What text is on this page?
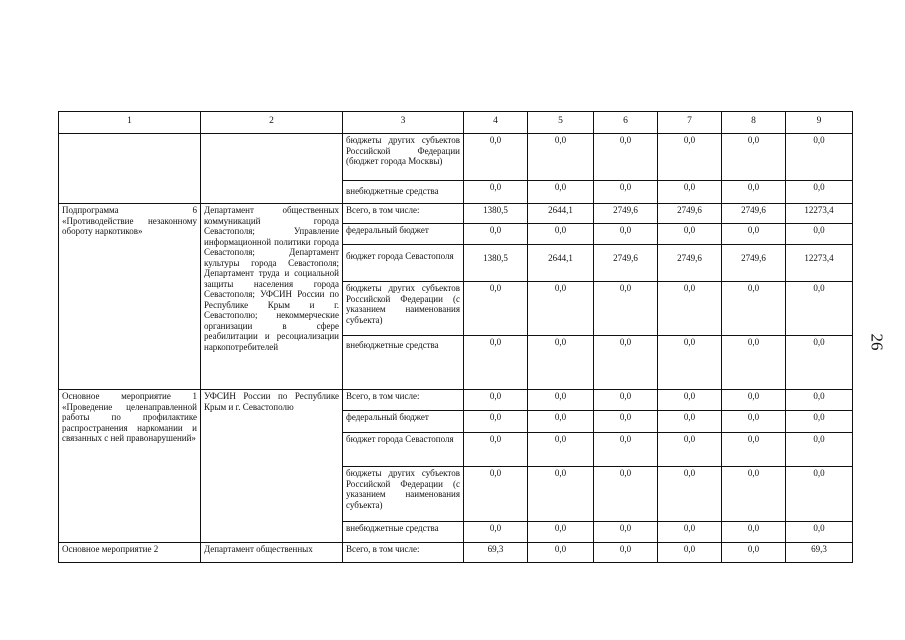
26
1	2	3	4	5	6	7	8	9
		бюджеты других субъектов Российской Федерации (бюджет города Москвы)	0,0	0,0	0,0	0,0	0,0	0,0
		внебюджетные средства	0,0	0,0	0,0	0,0	0,0	0,0
Подпрограмма 6 «Противодействие незаконному обороту наркотиков»	Департамент общественных коммуникаций города Севастополя; Управление информационной политики города Севастополя; Департамент культуры города Севастополя; Департамент труда и социальной защиты населения города Севастополя; УФСИН России по Республике Крым и г. Севастополю; некоммерческие организации в сфере реабилитации и ресоциализации наркопотребителей	Всего, в том числе:	1380,5	2644,1	2749,6	2749,6	2749,6	12273,4
		федеральный бюджет	0,0	0,0	0,0	0,0	0,0	0,0
		бюджет города Севастополя	1380,5	2644,1	2749,6	2749,6	2749,6	12273,4
		бюджеты других субъектов Российской Федерации (с указанием наименования субъекта)	0,0	0,0	0,0	0,0	0,0	0,0
		внебюджетные средства	0,0	0,0	0,0	0,0	0,0	0,0
Основное мероприятие 1 «Проведение целенаправленной работы по профилактике распространения наркомании и связанных с ней правонарушений»	УФСИН России по Республике Крым и г. Севастополю	Всего, в том числе:	0,0	0,0	0,0	0,0	0,0	0,0
		федеральный бюджет	0,0	0,0	0,0	0,0	0,0	0,0
		бюджет города Севастополя	0,0	0,0	0,0	0,0	0,0	0,0
		бюджеты других субъектов Российской Федерации (с указанием наименования субъекта)	0,0	0,0	0,0	0,0	0,0	0,0
		внебюджетные средства	0,0	0,0	0,0	0,0	0,0	0,0
Основное мероприятие 2	Департамент общественных	Всего, в том числе:	69,3	0,0	0,0	0,0	0,0	69,3
